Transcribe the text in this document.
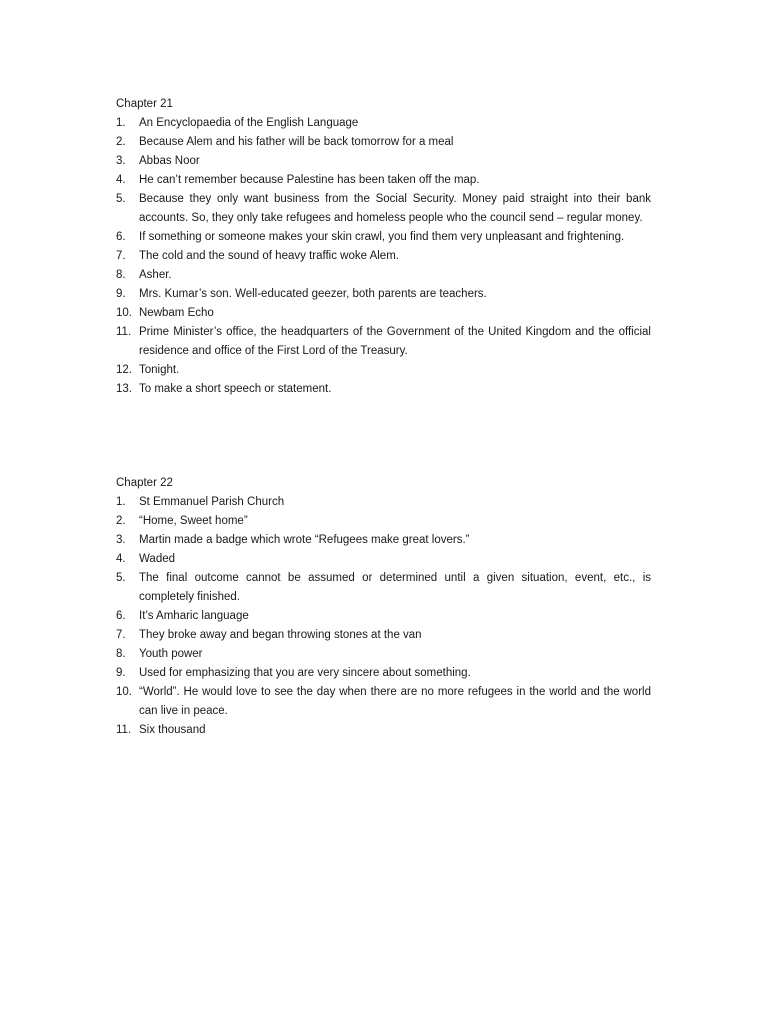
Chapter 21
1.	An Encyclopaedia of the English Language
2.	Because Alem and his father will be back tomorrow for a meal
3.	Abbas Noor
4.	He can’t remember because Palestine has been taken off the map.
5.	Because they only want business from the Social Security. Money paid straight into their bank accounts. So, they only take refugees and homeless people who the council send – regular money.
6.	If something or someone makes your skin crawl, you find them very unpleasant and frightening.
7.	The cold and the sound of heavy traffic woke Alem.
8.	Asher.
9.	Mrs. Kumar’s son. Well-educated geezer, both parents are teachers.
10. Newbam Echo
11. Prime Minister’s office, the headquarters of the Government of the United Kingdom and the official residence and office of the First Lord of the Treasury.
12. Tonight.
13. To make a short speech or statement.
Chapter 22
1.	St Emmanuel Parish Church
2.	“Home, Sweet home”
3.	Martin made a badge which wrote “Refugees make great lovers.”
4.	Waded
5.	The final outcome cannot be assumed or determined until a given situation, event, etc., is completely finished.
6.	It’s Amharic language
7.	They broke away and began throwing stones at the van
8.	Youth power
9.	Used for emphasizing that you are very sincere about something.
10. “World”. He would love to see the day when there are no more refugees in the world and the world can live in peace.
11. Six thousand
